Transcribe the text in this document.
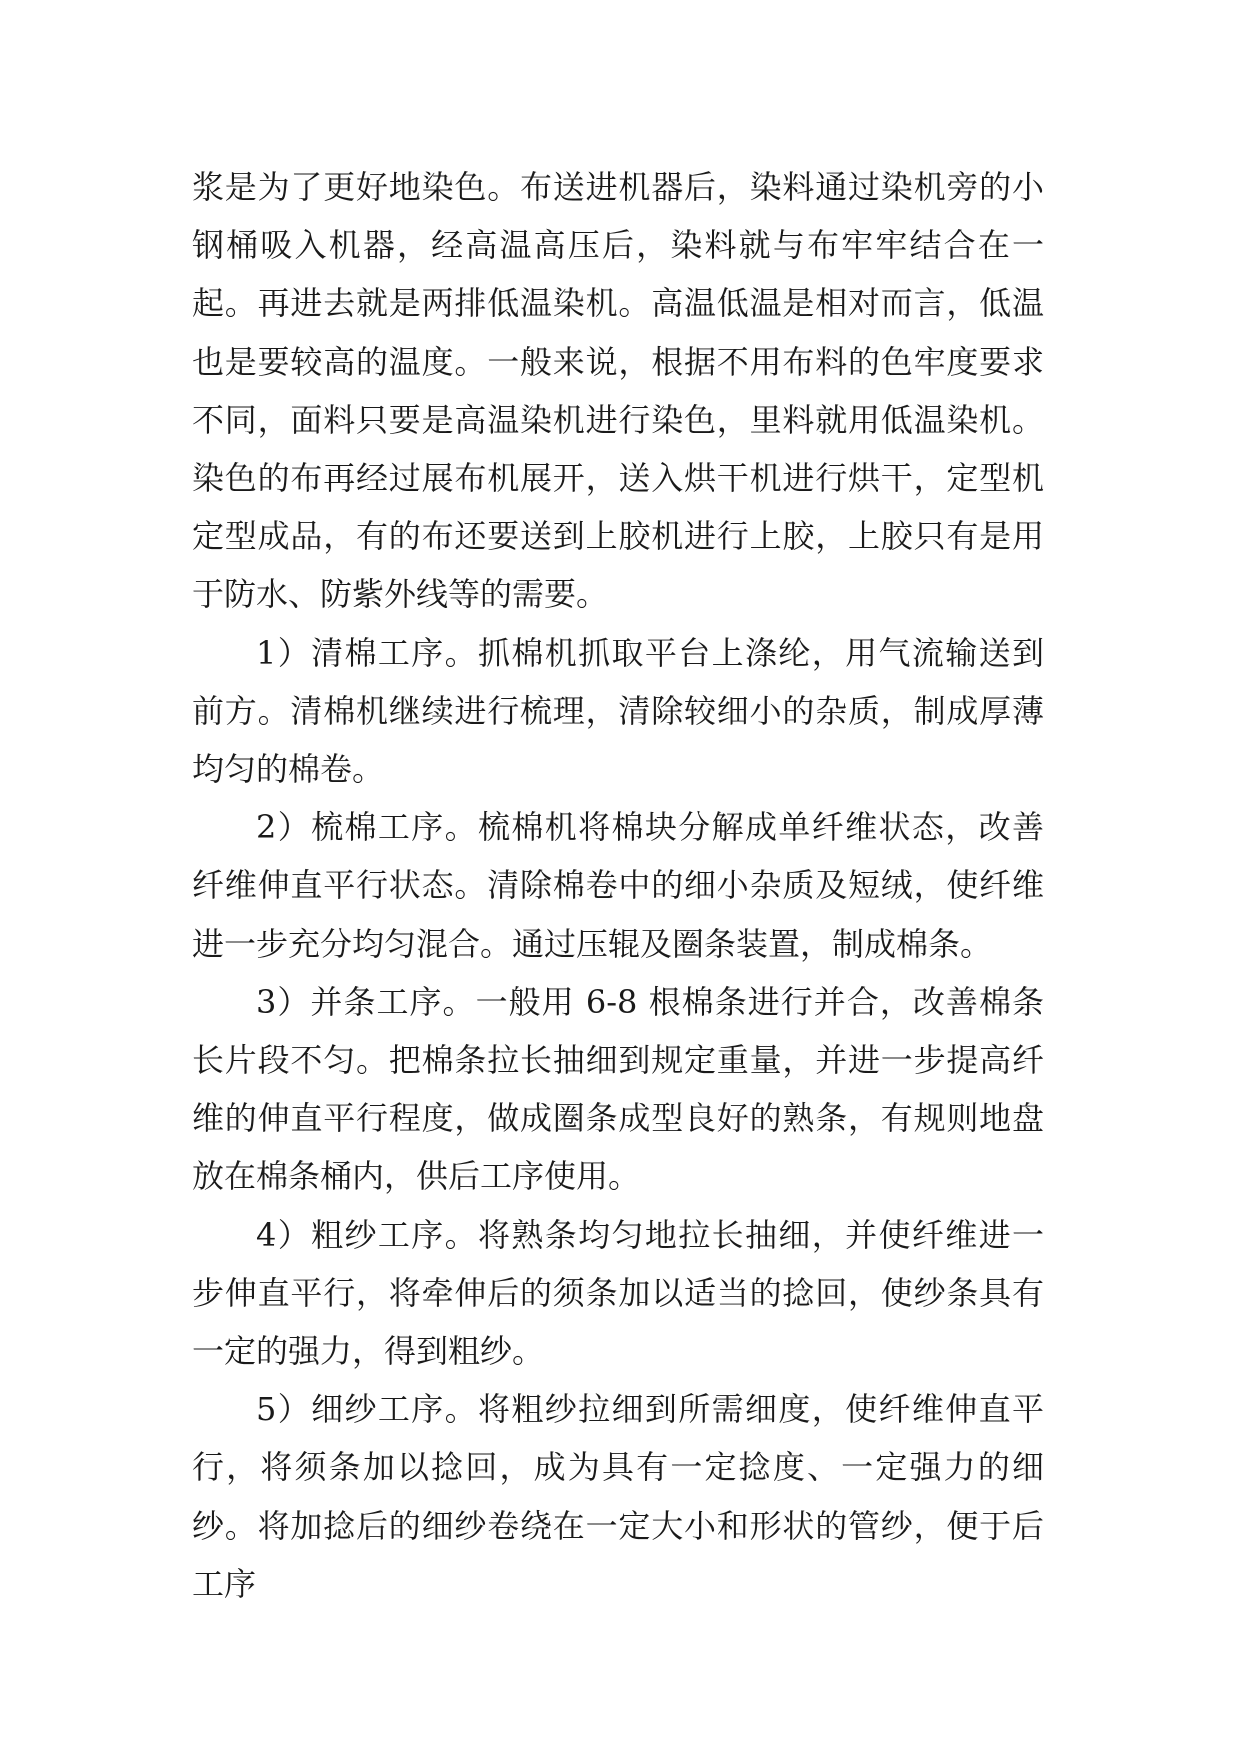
浆是为了更好地染色。布送进机器后，染料通过染机旁的小钢桶吸入机器，经高温高压后，染料就与布牢牢结合在一起。再进去就是两排低温染机。高温低温是相对而言，低温也是要较高的温度。一般来说，根据不用布料的色牢度要求不同，面料只要是高温染机进行染色，里料就用低温染机。染色的布再经过展布机展开，送入烘干机进行烘干，定型机定型成品，有的布还要送到上胶机进行上胶，上胶只有是用于防水、防紫外线等的需要。

1）清棉工序。抓棉机抓取平台上涤纶，用气流输送到前方。清棉机继续进行梳理，清除较细小的杂质，制成厚薄均匀的棉卷。

2）梳棉工序。梳棉机将棉块分解成单纤维状态，改善纤维伸直平行状态。清除棉卷中的细小杂质及短绒，使纤维进一步充分均匀混合。通过压辊及圈条装置，制成棉条。

3）并条工序。一般用 6-8 根棉条进行并合，改善棉条长片段不匀。把棉条拉长抽细到规定重量，并进一步提高纤维的伸直平行程度，做成圈条成型良好的熟条，有规则地盘放在棉条桶内，供后工序使用。

4）粗纱工序。将熟条均匀地拉长抽细，并使纤维进一步伸直平行，将牵伸后的须条加以适当的捻回，使纱条具有一定的强力，得到粗纱。

5）细纱工序。将粗纱拉细到所需细度，使纤维伸直平行，将须条加以捻回，成为具有一定捻度、一定强力的细纱。将加捻后的细纱卷绕在一定大小和形状的管纱，便于后工序
